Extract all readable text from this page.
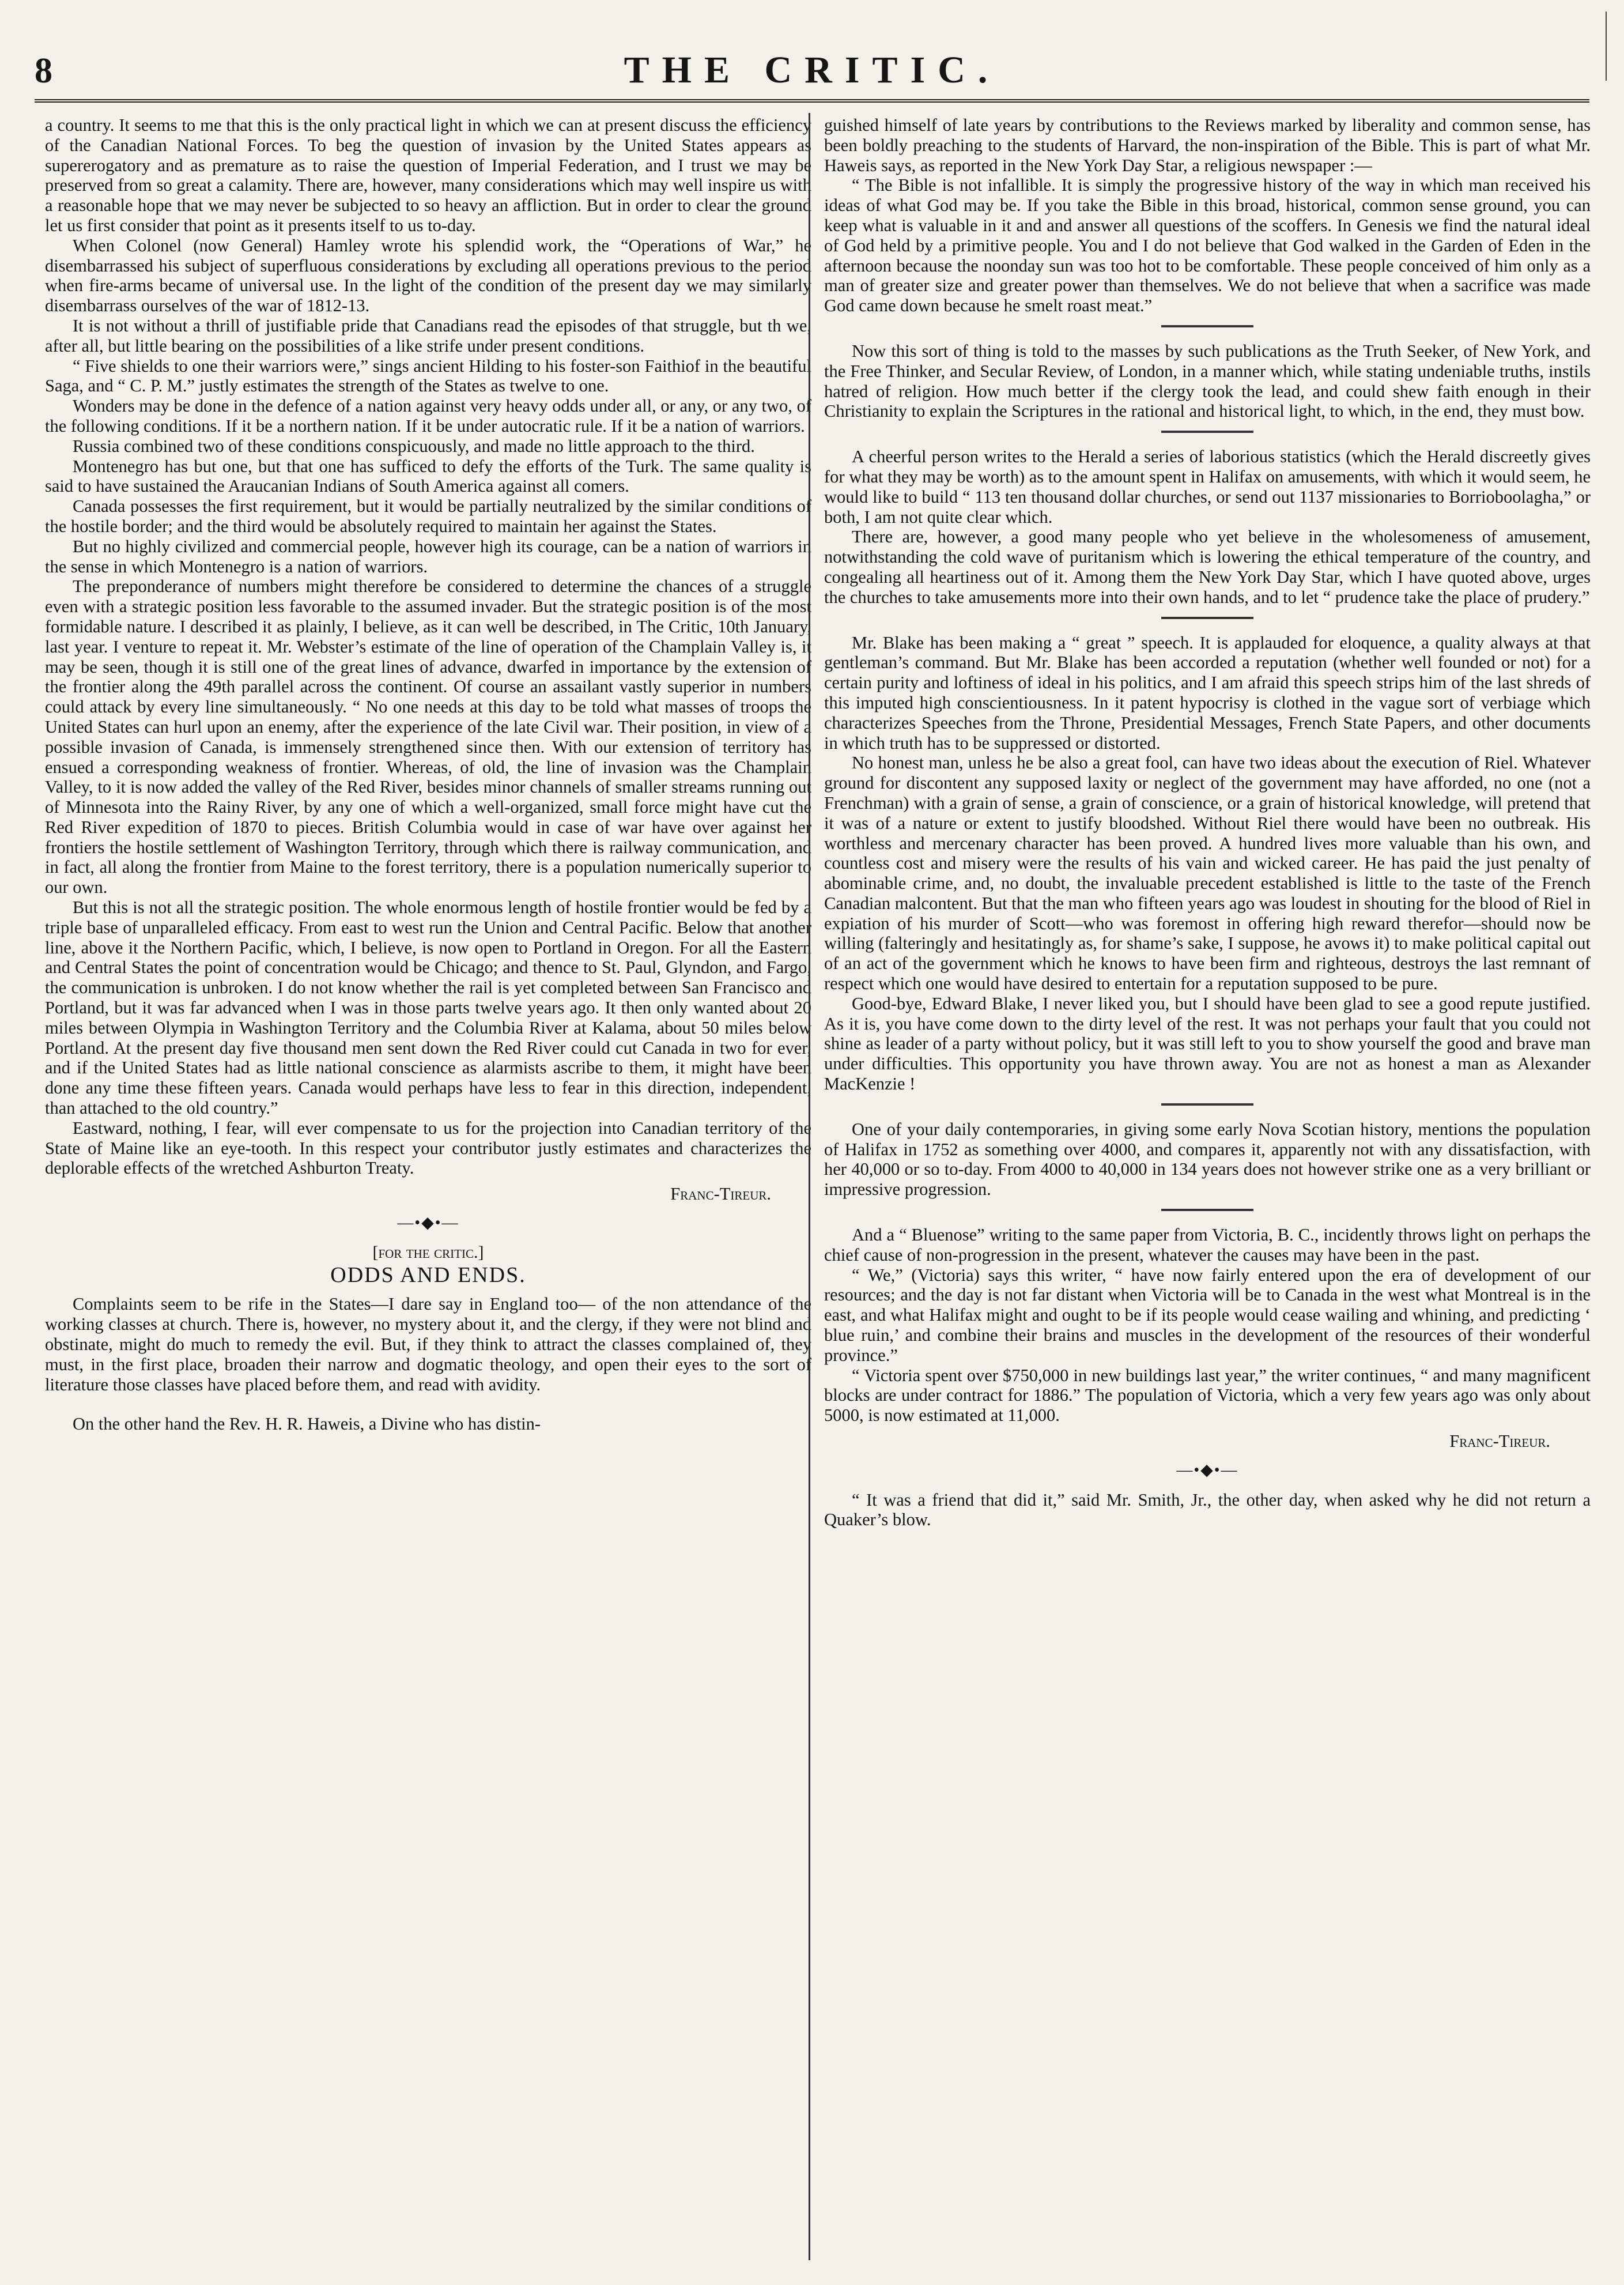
8	THE CRITIC.

a country. It seems to me that this is the only practical light in which we can at present discuss the efficiency of the Canadian National Forces. To beg the question of invasion by the United States appears as supererogatory and as premature as to raise the question of Imperial Federation, and I trust we may be preserved from so great a calamity. There are, however, many considerations which may well inspire us with a reasonable hope that we may never be subjected to so heavy an affliction. But in order to clear the ground let us first consider that point as it presents itself to us to-day.

When Colonel (now General) Hamley wrote his splendid work, the “Operations of War,” he disembarrassed his subject of superfluous considerations by excluding all operations previous to the period when fire-arms became of universal use. In the light of the condition of the present day we may similarly disembarrass ourselves of the war of 1812-13.

It is not without a thrill of justifiable pride that Canadians read the episodes of that struggle, but th we, after all, but little bearing on the possibilities of a like strife under present conditions.

“ Five shields to one their warriors were,” sings ancient Hilding to his foster-son Faithiof in the beautiful Saga, and “ C. P. M.” justly estimates the strength of the States as twelve to one.

Wonders may be done in the defence of a nation against very heavy odds under all, or any, or any two, of the following conditions. If it be a northern nation. If it be under autocratic rule. If it be a nation of warriors.

Russia combined two of these conditions conspicuously, and made no little approach to the third.

Montenegro has but one, but that one has sufficed to defy the efforts of the Turk. The same quality is said to have sustained the Araucanian Indians of South America against all comers.

Canada possesses the first requirement, but it would be partially neutralized by the similar conditions of the hostile border; and the third would be absolutely required to maintain her against the States.

But no highly civilized and commercial people, however high its courage, can be a nation of warriors in the sense in which Montenegro is a nation of warriors.

The preponderance of numbers might therefore be considered to determine the chances of a struggle even with a strategic position less favorable to the assumed invader. But the strategic position is of the most formidable nature. I described it as plainly, I believe, as it can well be described, in The Critic, 10th January, last year. I venture to repeat it. Mr. Webster’s estimate of the line of operation of the Champlain Valley is, it may be seen, though it is still one of the great lines of advance, dwarfed in importance by the extension of the frontier along the 49th parallel across the continent. Of course an assailant vastly superior in numbers could attack by every line simultaneously. “ No one needs at this day to be told what masses of troops the United States can hurl upon an enemy, after the experience of the late Civil war. Their position, in view of a possible invasion of Canada, is immensely strengthened since then. With our extension of territory has ensued a corresponding weakness of frontier. Whereas, of old, the line of invasion was the Champlain Valley, to it is now added the valley of the Red River, besides minor channels of smaller streams running out of Minnesota into the Rainy River, by any one of which a well-organized, small force might have cut the Red River expedition of 1870 to pieces. British Columbia would in case of war have over against her frontiers the hostile settlement of Washington Territory, through which there is railway communication, and in fact, all along the frontier from Maine to the forest territory, there is a population numerically superior to our own.

But this is not all the strategic position. The whole enormous length of hostile frontier would be fed by a triple base of unparalleled efficacy. From east to west run the Union and Central Pacific. Below that another line, above it the Northern Pacific, which, I believe, is now open to Portland in Oregon. For all the Eastern and Central States the point of concentration would be Chicago; and thence to St. Paul, Glyndon, and Fargo, the communication is unbroken. I do not know whether the rail is yet completed between San Francisco and Portland, but it was far advanced when I was in those parts twelve years ago. It then only wanted about 20 miles between Olympia in Washington Territory and the Columbia River at Kalama, about 50 miles below Portland. At the present day five thousand men sent down the Red River could cut Canada in two for ever, and if the United States had as little national conscience as alarmists ascribe to them, it might have been done any time these fifteen years. Canada would perhaps have less to fear in this direction, independent, than attached to the old country.”

Eastward, nothing, I fear, will ever compensate to us for the projection into Canadian territory of the State of Maine like an eye-tooth. In this respect your contributor justly estimates and characterizes the deplorable effects of the wretched Ashburton Treaty.

Franc-Tireur.

—•◆•—

[for the critic.]

ODDS AND ENDS.

Complaints seem to be rife in the States—I dare say in England too— of the non attendance of the working classes at church. There is, however, no mystery about it, and the clergy, if they were not blind and obstinate, might do much to remedy the evil. But, if they think to attract the classes complained of, they must, in the first place, broaden their narrow and dogmatic theology, and open their eyes to the sort of literature those classes have placed before them, and read with avidity.

On the other hand the Rev. H. R. Haweis, a Divine who has distin-

guished himself of late years by contributions to the Reviews marked by liberality and common sense, has been boldly preaching to the students of Harvard, the non-inspiration of the Bible. This is part of what Mr. Haweis says, as reported in the New York Day Star, a religious newspaper :—

“ The Bible is not infallible. It is simply the progressive history of the way in which man received his ideas of what God may be. If you take the Bible in this broad, historical, common sense ground, you can keep what is valuable in it and and answer all questions of the scoffers. In Genesis we find the natural ideal of God held by a primitive people. You and I do not believe that God walked in the Garden of Eden in the afternoon because the noonday sun was too hot to be comfortable. These people conceived of him only as a man of greater size and greater power than themselves. We do not believe that when a sacrifice was made God came down because he smelt roast meat.”

Now this sort of thing is told to the masses by such publications as the Truth Seeker, of New York, and the Free Thinker, and Secular Review, of London, in a manner which, while stating undeniable truths, instils hatred of religion. How much better if the clergy took the lead, and could shew faith enough in their Christianity to explain the Scriptures in the rational and historical light, to which, in the end, they must bow.

A cheerful person writes to the Herald a series of laborious statistics (which the Herald discreetly gives for what they may be worth) as to the amount spent in Halifax on amusements, with which it would seem, he would like to build “ 113 ten thousand dollar churches, or send out 1137 missionaries to Borrioboolagha,” or both, I am not quite clear which.

There are, however, a good many people who yet believe in the wholesomeness of amusement, notwithstanding the cold wave of puritanism which is lowering the ethical temperature of the country, and congealing all heartiness out of it. Among them the New York Day Star, which I have quoted above, urges the churches to take amusements more into their own hands, and to let “ prudence take the place of prudery.”

Mr. Blake has been making a “ great ” speech. It is applauded for eloquence, a quality always at that gentleman’s command. But Mr. Blake has been accorded a reputation (whether well founded or not) for a certain purity and loftiness of ideal in his politics, and I am afraid this speech strips him of the last shreds of this imputed high conscientiousness. In it patent hypocrisy is clothed in the vague sort of verbiage which characterizes Speeches from the Throne, Presidential Messages, French State Papers, and other documents in which truth has to be suppressed or distorted.

No honest man, unless he be also a great fool, can have two ideas about the execution of Riel. Whatever ground for discontent any supposed laxity or neglect of the government may have afforded, no one (not a Frenchman) with a grain of sense, a grain of conscience, or a grain of historical knowledge, will pretend that it was of a nature or extent to justify bloodshed. Without Riel there would have been no outbreak. His worthless and mercenary character has been proved. A hundred lives more valuable than his own, and countless cost and misery were the results of his vain and wicked career. He has paid the just penalty of abominable crime, and, no doubt, the invaluable precedent established is little to the taste of the French Canadian malcontent. But that the man who fifteen years ago was loudest in shouting for the blood of Riel in expiation of his murder of Scott—who was foremost in offering high reward therefor—should now be willing (falteringly and hesitatingly as, for shame’s sake, I suppose, he avows it) to make political capital out of an act of the government which he knows to have been firm and righteous, destroys the last remnant of respect which one would have desired to entertain for a reputation supposed to be pure.

Good-bye, Edward Blake, I never liked you, but I should have been glad to see a good repute justified. As it is, you have come down to the dirty level of the rest. It was not perhaps your fault that you could not shine as leader of a party without policy, but it was still left to you to show yourself the good and brave man under difficulties. This opportunity you have thrown away. You are not as honest a man as Alexander MacKenzie !

One of your daily contemporaries, in giving some early Nova Scotian history, mentions the population of Halifax in 1752 as something over 4000, and compares it, apparently not with any dissatisfaction, with her 40,000 or so to-day. From 4000 to 40,000 in 134 years does not however strike one as a very brilliant or impressive progression.

And a “ Bluenose” writing to the same paper from Victoria, B. C., incidently throws light on perhaps the chief cause of non-progression in the present, whatever the causes may have been in the past.

“ We,” (Victoria) says this writer, “ have now fairly entered upon the era of development of our resources; and the day is not far distant when Victoria will be to Canada in the west what Montreal is in the east, and what Halifax might and ought to be if its people would cease wailing and whining, and predicting ‘ blue ruin,’ and combine their brains and muscles in the development of the resources of their wonderful province.”

“ Victoria spent over $750,000 in new buildings last year,” the writer continues, “ and many magnificent blocks are under contract for 1886.” The population of Victoria, which a very few years ago was only about 5000, is now estimated at 11,000.

Franc-Tireur.

—•◆•—

“ It was a friend that did it,” said Mr. Smith, Jr., the other day, when asked why he did not return a Quaker’s blow.
